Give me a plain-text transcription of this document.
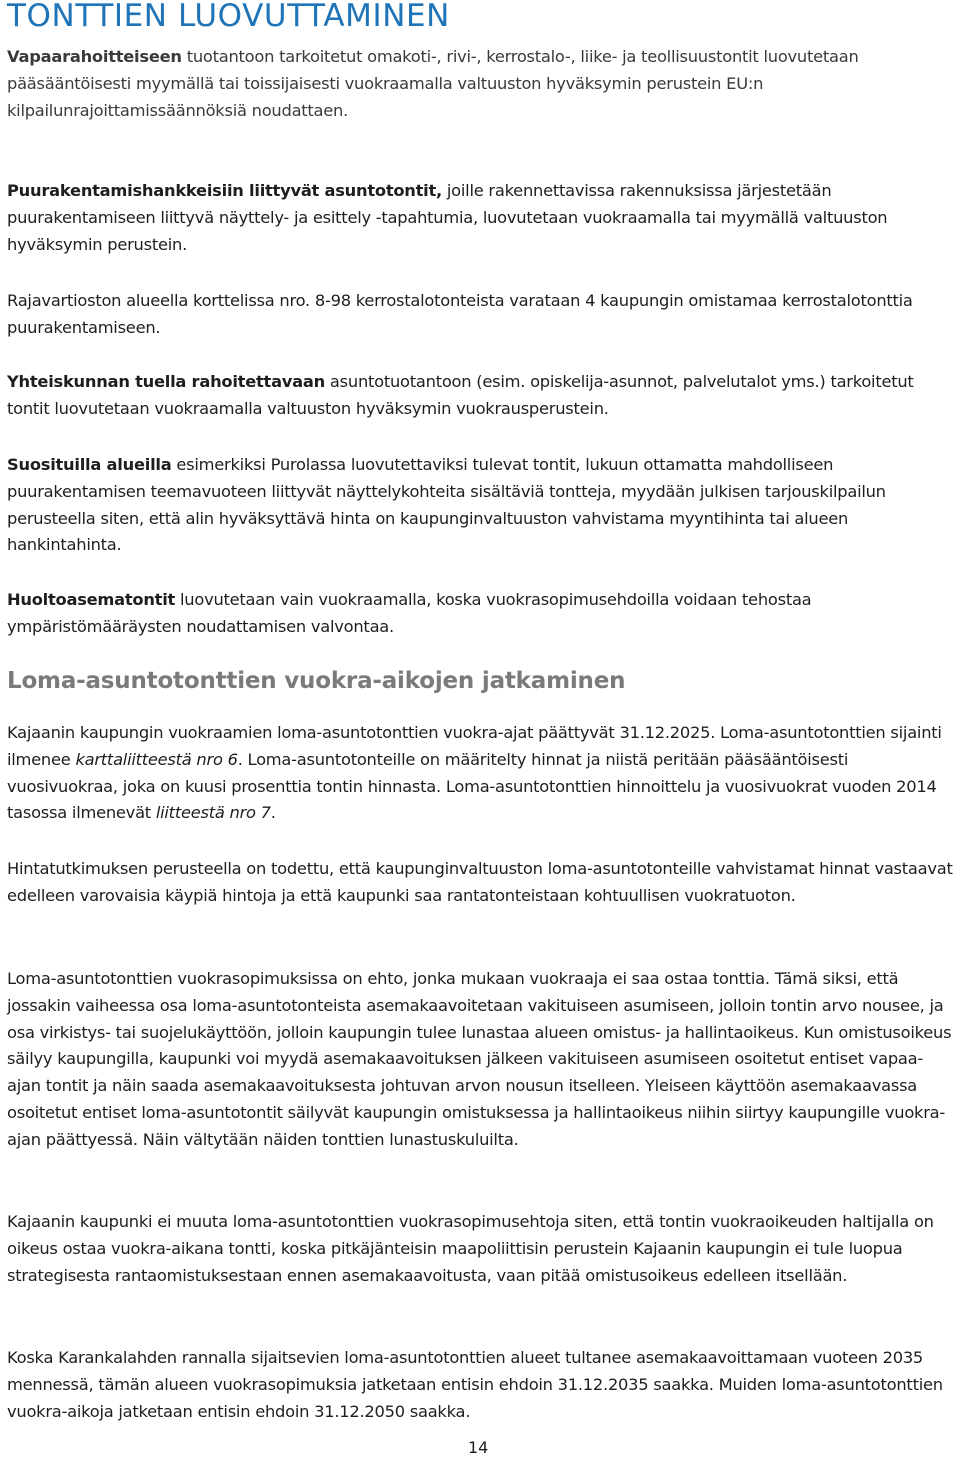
TONTTIEN LUOVUTTAMINEN
Vapaarahoitteiseen tuotantoon tarkoitetut omakoti-, rivi-, kerrostalo-, liike- ja teollisuustontit luovutetaan pääsääntöisesti myymällä tai toissijaisesti vuokraamalla valtuuston hyväksymin perustein EU:n kilpailunrajoittamissäännöksiä noudattaen.
Puurakentamishankkeisiin liittyvät asuntotontit, joille rakennettavissa rakennuksissa järjestetään puurakentamiseen liittyvä näyttely- ja esittely -tapahtumia, luovutetaan vuokraamalla tai myymällä valtuuston hyväksymin perustein.
Rajavartioston alueella korttelissa nro. 8-98 kerrostalotonteista varataan 4 kaupungin omistamaa kerrostalotonttia puurakentamiseen.
Yhteiskunnan tuella rahoitettavaan asuntotuotantoon (esim. opiskelija-asunnot, palvelutalot yms.) tarkoitetut tontit luovutetaan vuokraamalla valtuuston hyväksymin vuokrausperustein.
Suosituilla alueilla esimerkiksi Purolassa luovutettaviksi tulevat tontit, lukuun ottamatta mahdolliseen puurakentamisen teemavuoteen liittyvät näyttelykohteita sisältäviä tontteja, myydään julkisen tarjouskilpailun perusteella siten, että alin hyväksyttävä hinta on kaupunginvaltuuston vahvistama myyntihinta tai alueen hankintahinta.
Huoltoasematontit luovutetaan vain vuokraamalla, koska vuokrasopimusehdoilla voidaan tehostaa ympäristömääräysten noudattamisen valvontaa.
Loma-asuntotonttien vuokra-aikojen jatkaminen
Kajaanin kaupungin vuokraamien loma-asuntotonttien vuokra-ajat päättyvät 31.12.2025. Loma-asuntotonttien sijainti ilmenee karttaliitteestä nro 6. Loma-asuntotonteille on määritelty hinnat ja niistä peritään pääsääntöisesti vuosivuokraa, joka on kuusi prosenttia tontin hinnasta. Loma-asuntotonttien hinnoittelu ja vuosivuokrat vuoden 2014 tasossa ilmenevät liitteestä nro 7.
Hintatutkimuksen perusteella on todettu, että kaupunginvaltuuston loma-asuntotonteille vahvistamat hinnat vastaavat edelleen varovaisia käypiä hintoja ja että kaupunki saa rantatonteistaan kohtuullisen vuokratuoton.
Loma-asuntotonttien vuokrasopimuksissa on ehto, jonka mukaan vuokraaja ei saa ostaa tonttia. Tämä siksi, että jossakin vaiheessa osa loma-asuntotonteista asemakaavoitetaan vakituiseen asumiseen, jolloin tontin arvo nousee, ja osa virkistys- tai suojelukäyttöön, jolloin kaupungin tulee lunastaa alueen omistus- ja hallintaoikeus. Kun omistusoikeus säilyy kaupungilla, kaupunki voi myydä asemakaavoituksen jälkeen vakituiseen asumiseen osoitetut entiset vapaa-ajan tontit ja näin saada asemakaavoituksesta johtuvan arvon nousun itselleen. Yleiseen käyttöön asemakaavassa osoitetut entiset loma-asuntotontit säilyvät kaupungin omistuksessa ja hallintaoikeus niihin siirtyy kaupungille vuokra-ajan päättyessä. Näin vältytään näiden tonttien lunastuskuluilta.
Kajaanin kaupunki ei muuta loma-asuntotonttien vuokrasopimusehtoja siten, että tontin vuokraoikeuden haltijalla on oikeus ostaa vuokra-aikana tontti, koska pitkäjänteisin maapoliittisin perustein Kajaanin kaupungin ei tule luopua strategisesta rantaomistuksestaan ennen asemakaavoitusta, vaan pitää omistusoikeus edelleen itsellään.
Koska Karankalahden rannalla sijaitsevien loma-asuntotonttien alueet tultanee asemakaavoittamaan vuoteen 2035 mennessä, tämän alueen vuokrasopimuksia jatketaan entisin ehdoin 31.12.2035 saakka. Muiden loma-asuntotonttien vuokra-aikoja jatketaan entisin ehdoin 31.12.2050 saakka.
14
